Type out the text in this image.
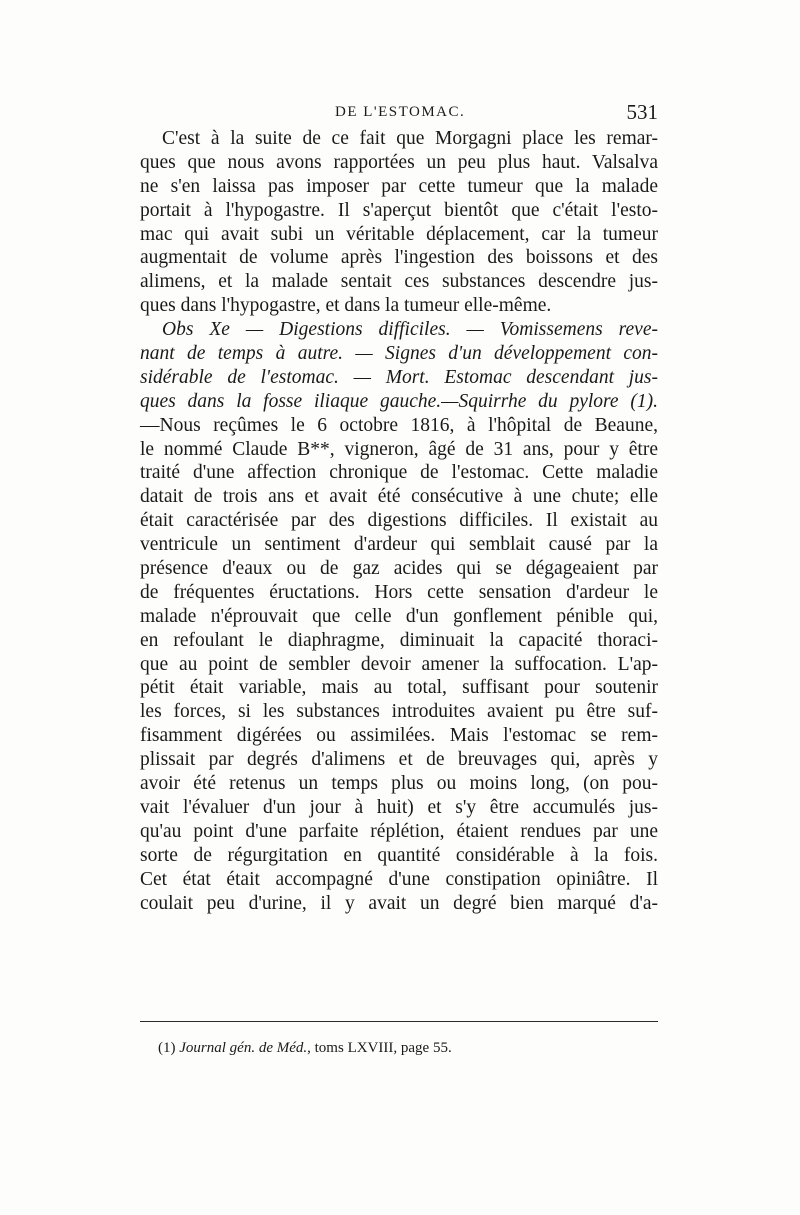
DE L'ESTOMAC.	531
C'est à la suite de ce fait que Morgagni place les remar-
ques que nous avons rapportées un peu plus haut. Valsalva
ne s'en laissa pas imposer par cette tumeur que la malade
portait à l'hypogastre. Il s'aperçut bientôt que c'était l'esto-
mac qui avait subi un véritable déplacement, car la tumeur
augmentait de volume après l'ingestion des boissons et des
alimens, et la malade sentait ces substances descendre jus-
ques dans l'hypogastre, et dans la tumeur elle-même.
Obs Xe — Digestions difficiles. — Vomissemens reve-
nant de temps à autre. — Signes d'un développement con-
sidérable de l'estomac. — Mort. Estomac descendant jus-
ques dans la fosse iliaque gauche.—Squirrhe du pylore (1).
—Nous reçûmes le 6 octobre 1816, à l'hôpital de Beaune,
le nommé Claude B**, vigneron, âgé de 31 ans, pour y être
traité d'une affection chronique de l'estomac. Cette maladie
datait de trois ans et avait été consécutive à une chute; elle
était caractérisée par des digestions difficiles. Il existait au
ventricule un sentiment d'ardeur qui semblait causé par la
présence d'eaux ou de gaz acides qui se dégageaient par
de fréquentes éructations. Hors cette sensation d'ardeur le
malade n'éprouvait que celle d'un gonflement pénible qui,
en refoulant le diaphragme, diminuait la capacité thoraci-
que au point de sembler devoir amener la suffocation. L'ap-
pétit était variable, mais au total, suffisant pour soutenir
les forces, si les substances introduites avaient pu être suf-
fisamment digérées ou assimilées. Mais l'estomac se rem-
plissait par degrés d'alimens et de breuvages qui, après y
avoir été retenus un temps plus ou moins long, (on pou-
vait l'évaluer d'un jour à huit) et s'y être accumulés jus-
qu'au point d'une parfaite réplétion, étaient rendues par une
sorte de régurgitation en quantité considérable à la fois.
Cet état était accompagné d'une constipation opiniâtre. Il
coulait peu d'urine, il y avait un degré bien marqué d'a-
(1) Journal gén. de Méd., toms LXVIII, page 55.
